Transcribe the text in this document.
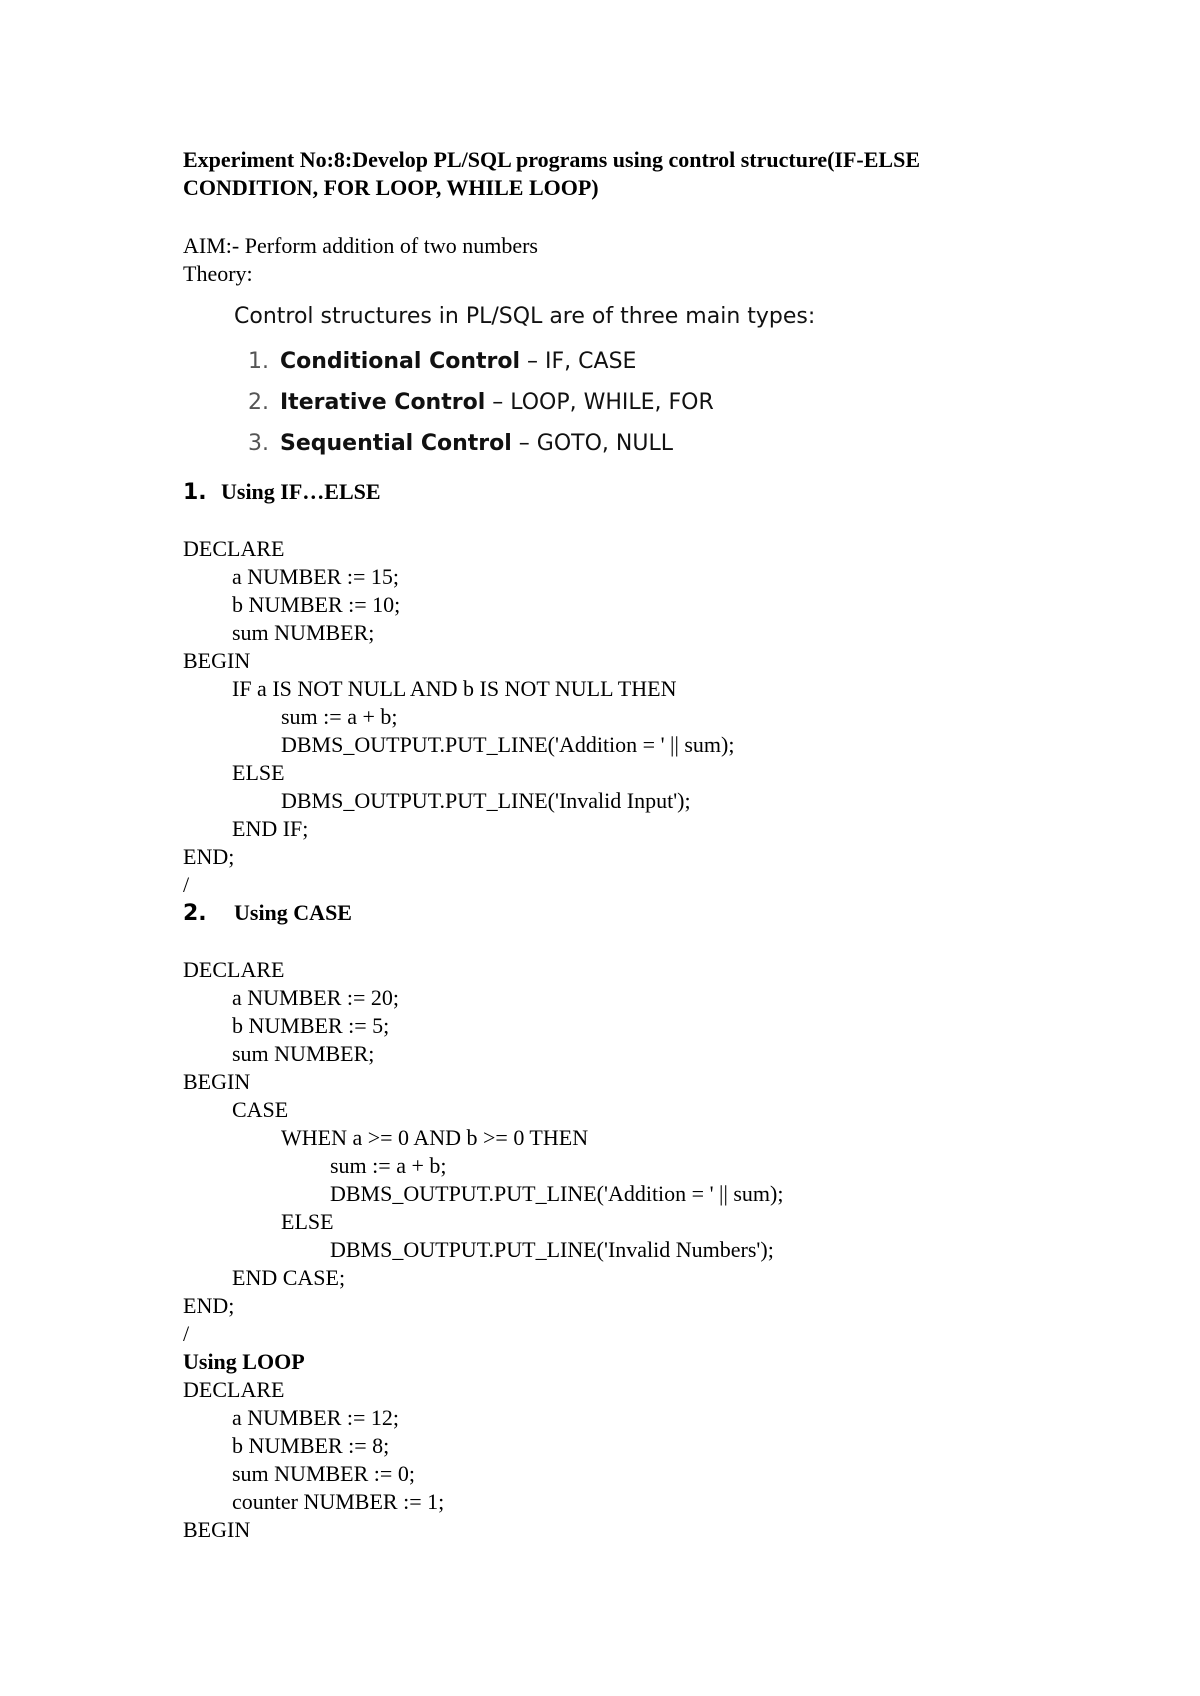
Experiment No:8:Develop PL/SQL programs using control structure(IF-ELSE CONDITION, FOR LOOP, WHILE LOOP)
AIM:- Perform addition of two numbers
Theory:
Control structures in PL/SQL are of three main types:
1. Conditional Control – IF, CASE
2. Iterative Control – LOOP, WHILE, FOR
3. Sequential Control – GOTO, NULL
1. Using IF…ELSE
DECLARE
a NUMBER := 15;
b NUMBER := 10;
sum NUMBER;
BEGIN
IF a IS NOT NULL AND b IS NOT NULL THEN
sum := a + b;
DBMS_OUTPUT.PUT_LINE('Addition = ' || sum);
ELSE
DBMS_OUTPUT.PUT_LINE('Invalid Input');
END IF;
END;
/
2. Using CASE
DECLARE
a NUMBER := 20;
b NUMBER := 5;
sum NUMBER;
BEGIN
CASE
WHEN a >= 0 AND b >= 0 THEN
sum := a + b;
DBMS_OUTPUT.PUT_LINE('Addition = ' || sum);
ELSE
DBMS_OUTPUT.PUT_LINE('Invalid Numbers');
END CASE;
END;
/
Using LOOP
DECLARE
a NUMBER := 12;
b NUMBER := 8;
sum NUMBER := 0;
counter NUMBER := 1;
BEGIN
